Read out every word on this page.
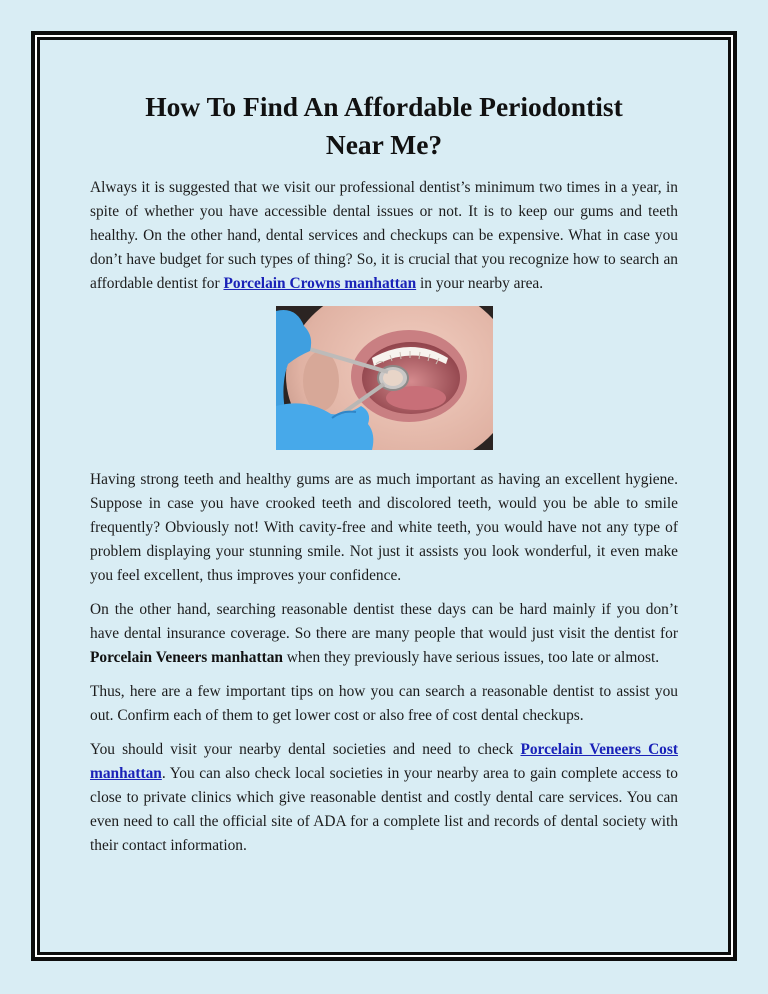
How To Find An Affordable Periodontist
Near Me?

Always it is suggested that we visit our professional dentist’s minimum two times in a year, in spite of whether you have accessible dental issues or not. It is to keep our gums and teeth healthy. On the other hand, dental services and checkups can be expensive. What in case you don’t have budget for such types of thing? So, it is crucial that you recognize how to search an affordable dentist for Porcelain Crowns manhattan in your nearby area.

Having strong teeth and healthy gums are as much important as having an excellent hygiene. Suppose in case you have crooked teeth and discolored teeth, would you be able to smile frequently? Obviously not! With cavity-free and white teeth, you would have not any type of problem displaying your stunning smile. Not just it assists you look wonderful, it even make you feel excellent, thus improves your confidence.

On the other hand, searching reasonable dentist these days can be hard mainly if you don’t have dental insurance coverage. So there are many people that would just visit the dentist for Porcelain Veneers manhattan when they previously have serious issues, too late or almost.

Thus, here are a few important tips on how you can search a reasonable dentist to assist you out. Confirm each of them to get lower cost or also free of cost dental checkups.

You should visit your nearby dental societies and need to check Porcelain Veneers Cost manhattan. You can also check local societies in your nearby area to gain complete access to close to private clinics which give reasonable dentist and costly dental care services. You can even need to call the official site of ADA for a complete list and records of dental society with their contact information.
